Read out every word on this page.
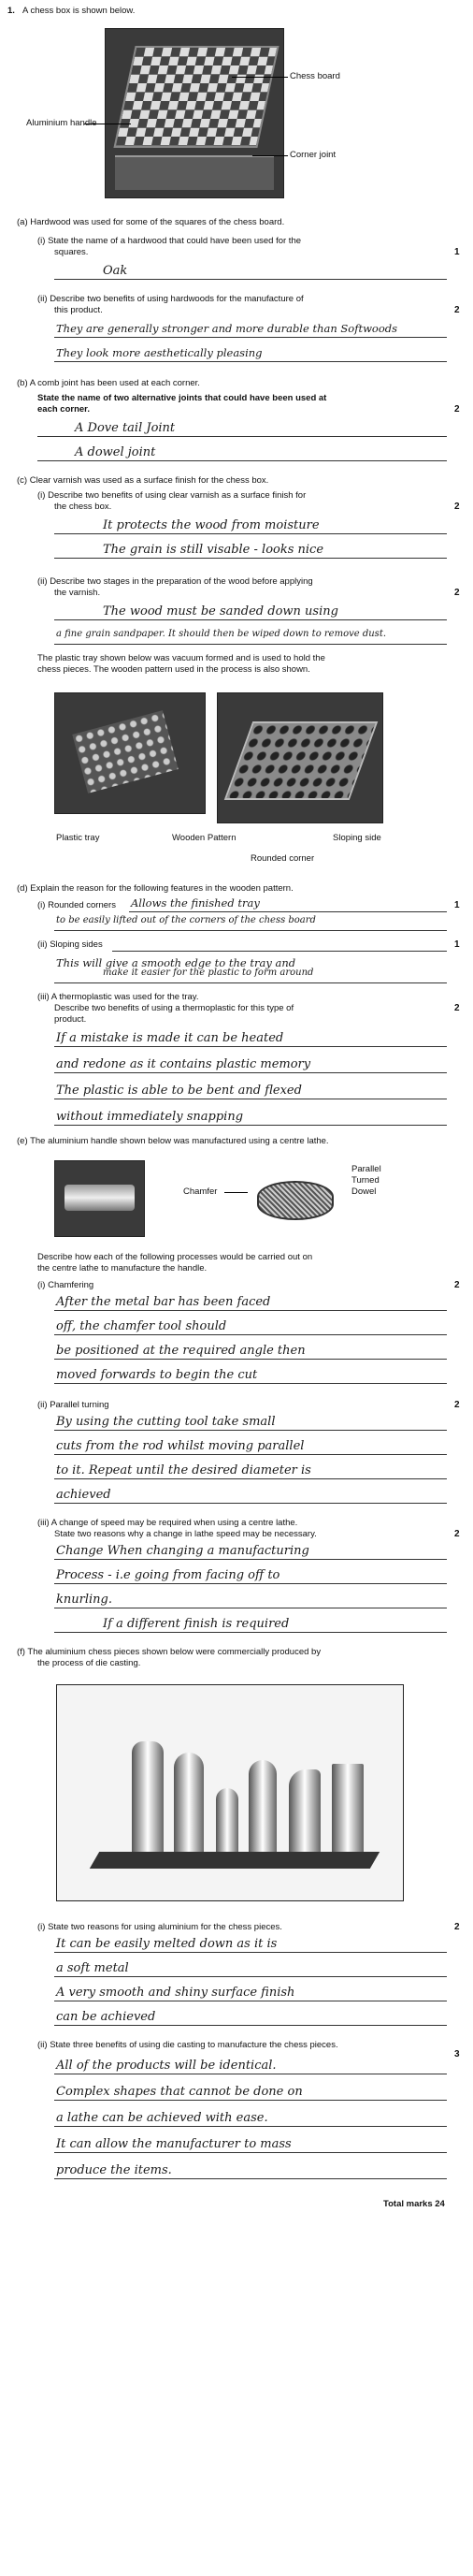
1. A chess box is shown below.
Chess board
Aluminium handle
Corner joint
(a) Hardwood was used for some of the squares of the chess board.
(i) State the name of a hardwood that could have been used for the
squares.	1
Oak
(ii) Describe two benefits of using hardwoods for the manufacture of
this product.	2
They are generally stronger and more durable than Softwoods
They look more aesthetically pleasing
(b) A comb joint has been used at each corner.
State the name of two alternative joints that could have been used at
each corner.	2
A Dove tail Joint
A dowel joint
(c) Clear varnish was used as a surface finish for the chess box.
(i) Describe two benefits of using clear varnish as a surface finish for
the chess box.	2
It protects the wood from moisture
The grain is still visable - looks nice
(ii) Describe two stages in the preparation of the wood before applying
the varnish.	2
The wood must be sanded down using
a fine grain sandpaper. It should then be wiped down to remove dust.
The plastic tray shown below was vacuum formed and is used to hold the
chess pieces. The wooden pattern used in the process is also shown.
Plastic tray	Wooden Pattern	Sloping side
Rounded corner
(d) Explain the reason for the following features in the wooden pattern.
(i) Rounded corners	1
Allows the finished tray
to be easily lifted out of the corners of the chess board
(ii) Sloping sides	1
This will give a smooth edge to the tray and
make it easier for the plastic to form around
(iii) A thermoplastic was used for the tray.
Describe two benefits of using a thermoplastic for this type of
product.
2
If a mistake is made it can be heated
and redone as it contains plastic memory
The plastic is able to be bent and flexed
without immediately snapping
(e) The aluminium handle shown below was manufactured using a centre lathe.
Chamfer
Parallel
Turned
Dowel
Describe how each of the following processes would be carried out on
the centre lathe to manufacture the handle.
(i) Chamfering	2
After the metal bar has been faced
off, the chamfer tool should
be positioned at the required angle then
moved forwards to begin the cut
(ii) Parallel turning	2
By using the cutting tool take small
cuts from the rod whilst moving parallel
to it. Repeat until the desired diameter is
achieved
(iii) A change of speed may be required when using a centre lathe.
State two reasons why a change in lathe speed may be necessary.	2
Change When changing a manufacturing
Process - i.e going from facing off to
knurling.
If a different finish is required
(f) The aluminium chess pieces shown below were commercially produced by
the process of die casting.
(i) State two reasons for using aluminium for the chess pieces.	2
It can be easily melted down as it is
a soft metal
A very smooth and shiny surface finish
can be achieved
(ii) State three benefits of using die casting to manufacture the chess pieces.
3
All of the products will be identical.
Complex shapes that cannot be done on
a lathe can be achieved with ease.
It can allow the manufacturer to mass
produce the items.
Total marks 24
